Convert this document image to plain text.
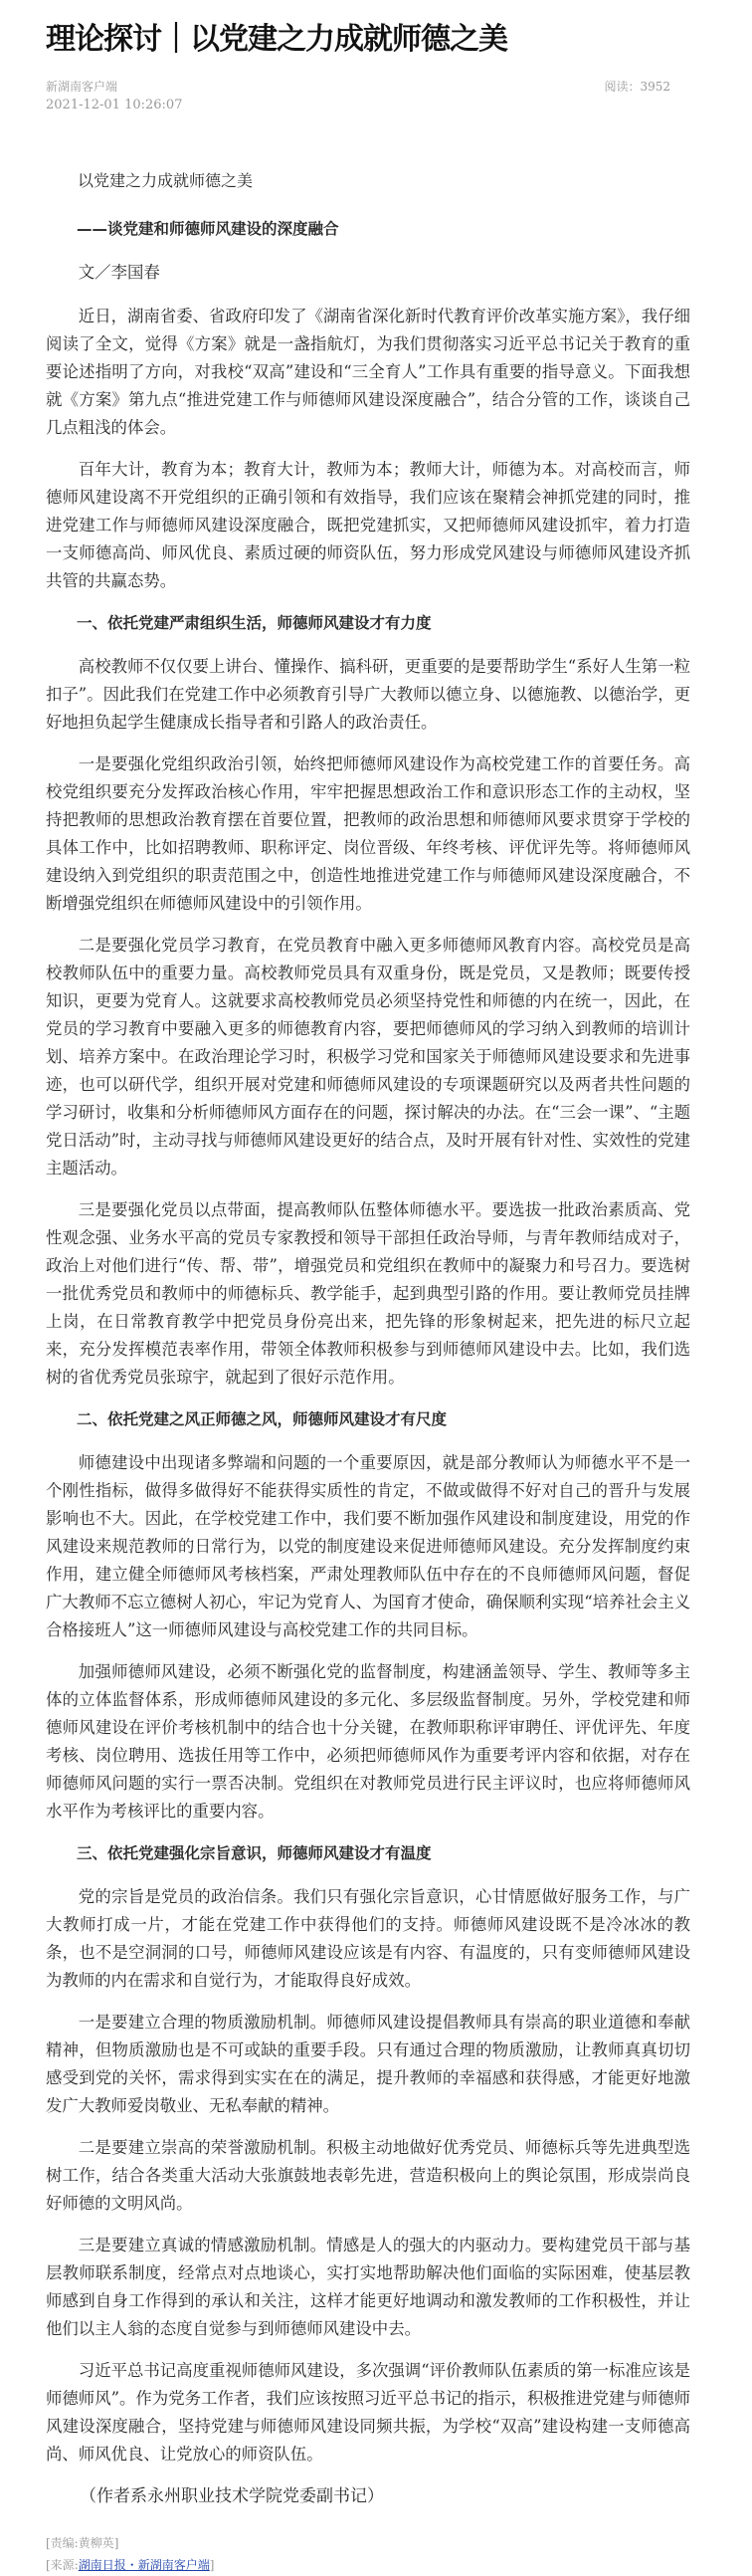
理论探讨｜以党建之力成就师德之美
新湖南客户端
2021-12-01 10:26:07
阅读：3952

以党建之力成就师德之美

——谈党建和师德师风建设的深度融合

文／李国春

近日，湖南省委、省政府印发了《湖南省深化新时代教育评价改革实施方案》，我仔细阅读了全文，觉得《方案》就是一盏指航灯，为我们贯彻落实习近平总书记关于教育的重要论述指明了方向，对我校“双高”建设和“三全育人”工作具有重要的指导意义。下面我想就《方案》第九点“推进党建工作与师德师风建设深度融合”，结合分管的工作，谈谈自己几点粗浅的体会。

百年大计，教育为本；教育大计，教师为本；教师大计，师德为本。对高校而言，师德师风建设离不开党组织的正确引领和有效指导，我们应该在聚精会神抓党建的同时，推进党建工作与师德师风建设深度融合，既把党建抓实，又把师德师风建设抓牢，着力打造一支师德高尚、师风优良、素质过硬的师资队伍，努力形成党风建设与师德师风建设齐抓共管的共赢态势。

一、依托党建严肃组织生活，师德师风建设才有力度

高校教师不仅仅要上讲台、懂操作、搞科研，更重要的是要帮助学生“系好人生第一粒扣子”。因此我们在党建工作中必须教育引导广大教师以德立身、以德施教、以德治学，更好地担负起学生健康成长指导者和引路人的政治责任。

一是要强化党组织政治引领，始终把师德师风建设作为高校党建工作的首要任务。高校党组织要充分发挥政治核心作用，牢牢把握思想政治工作和意识形态工作的主动权，坚持把教师的思想政治教育摆在首要位置，把教师的政治思想和师德师风要求贯穿于学校的具体工作中，比如招聘教师、职称评定、岗位晋级、年终考核、评优评先等。将师德师风建设纳入到党组织的职责范围之中，创造性地推进党建工作与师德师风建设深度融合，不断增强党组织在师德师风建设中的引领作用。

二是要强化党员学习教育，在党员教育中融入更多师德师风教育内容。高校党员是高校教师队伍中的重要力量。高校教师党员具有双重身份，既是党员，又是教师；既要传授知识，更要为党育人。这就要求高校教师党员必须坚持党性和师德的内在统一，因此，在党员的学习教育中要融入更多的师德教育内容，要把师德师风的学习纳入到教师的培训计划、培养方案中。在政治理论学习时，积极学习党和国家关于师德师风建设要求和先进事迹，也可以研代学，组织开展对党建和师德师风建设的专项课题研究以及两者共性问题的学习研讨，收集和分析师德师风方面存在的问题，探讨解决的办法。在“三会一课”、“主题党日活动”时，主动寻找与师德师风建设更好的结合点，及时开展有针对性、实效性的党建主题活动。

三是要强化党员以点带面，提高教师队伍整体师德水平。要选拔一批政治素质高、党性观念强、业务水平高的党员专家教授和领导干部担任政治导师，与青年教师结成对子，政治上对他们进行“传、帮、带”，增强党员和党组织在教师中的凝聚力和号召力。要选树一批优秀党员和教师中的师德标兵、教学能手，起到典型引路的作用。要让教师党员挂牌上岗，在日常教育教学中把党员身份亮出来，把先锋的形象树起来，把先进的标尺立起来，充分发挥模范表率作用，带领全体教师积极参与到师德师风建设中去。比如，我们选树的省优秀党员张琼宇，就起到了很好示范作用。

二、依托党建之风正师德之风，师德师风建设才有尺度

师德建设中出现诸多弊端和问题的一个重要原因，就是部分教师认为师德水平不是一个刚性指标，做得多做得好不能获得实质性的肯定，不做或做得不好对自己的晋升与发展影响也不大。因此，在学校党建工作中，我们要不断加强作风建设和制度建设，用党的作风建设来规范教师的日常行为，以党的制度建设来促进师德师风建设。充分发挥制度约束作用，建立健全师德师风考核档案，严肃处理教师队伍中存在的不良师德师风问题，督促广大教师不忘立德树人初心，牢记为党育人、为国育才使命，确保顺利实现“培养社会主义合格接班人”这一师德师风建设与高校党建工作的共同目标。

加强师德师风建设，必须不断强化党的监督制度，构建涵盖领导、学生、教师等多主体的立体监督体系，形成师德师风建设的多元化、多层级监督制度。另外，学校党建和师德师风建设在评价考核机制中的结合也十分关键，在教师职称评审聘任、评优评先、年度考核、岗位聘用、选拔任用等工作中，必须把师德师风作为重要考评内容和依据，对存在师德师风问题的实行一票否决制。党组织在对教师党员进行民主评议时，也应将师德师风水平作为考核评比的重要内容。

三、依托党建强化宗旨意识，师德师风建设才有温度

党的宗旨是党员的政治信条。我们只有强化宗旨意识，心甘情愿做好服务工作，与广大教师打成一片，才能在党建工作中获得他们的支持。师德师风建设既不是冷冰冰的教条，也不是空洞洞的口号，师德师风建设应该是有内容、有温度的，只有变师德师风建设为教师的内在需求和自觉行为，才能取得良好成效。

一是要建立合理的物质激励机制。师德师风建设提倡教师具有崇高的职业道德和奉献精神，但物质激励也是不可或缺的重要手段。只有通过合理的物质激励，让教师真真切切感受到党的关怀，需求得到实实在在的满足，提升教师的幸福感和获得感，才能更好地激发广大教师爱岗敬业、无私奉献的精神。

二是要建立崇高的荣誉激励机制。积极主动地做好优秀党员、师德标兵等先进典型选树工作，结合各类重大活动大张旗鼓地表彰先进，营造积极向上的舆论氛围，形成崇尚良好师德的文明风尚。

三是要建立真诚的情感激励机制。情感是人的强大的内驱动力。要构建党员干部与基层教师联系制度，经常点对点地谈心，实打实地帮助解决他们面临的实际困难，使基层教师感到自身工作得到的承认和关注，这样才能更好地调动和激发教师的工作积极性，并让他们以主人翁的态度自觉参与到师德师风建设中去。

习近平总书记高度重视师德师风建设，多次强调“评价教师队伍素质的第一标准应该是师德师风”。作为党务工作者，我们应该按照习近平总书记的指示，积极推进党建与师德师风建设深度融合，坚持党建与师德师风建设同频共振，为学校“双高”建设构建一支师德高尚、师风优良、让党放心的师资队伍。

（作者系永州职业技术学院党委副书记）

[责编:黄柳英]
[来源:湖南日报・新湖南客户端]
